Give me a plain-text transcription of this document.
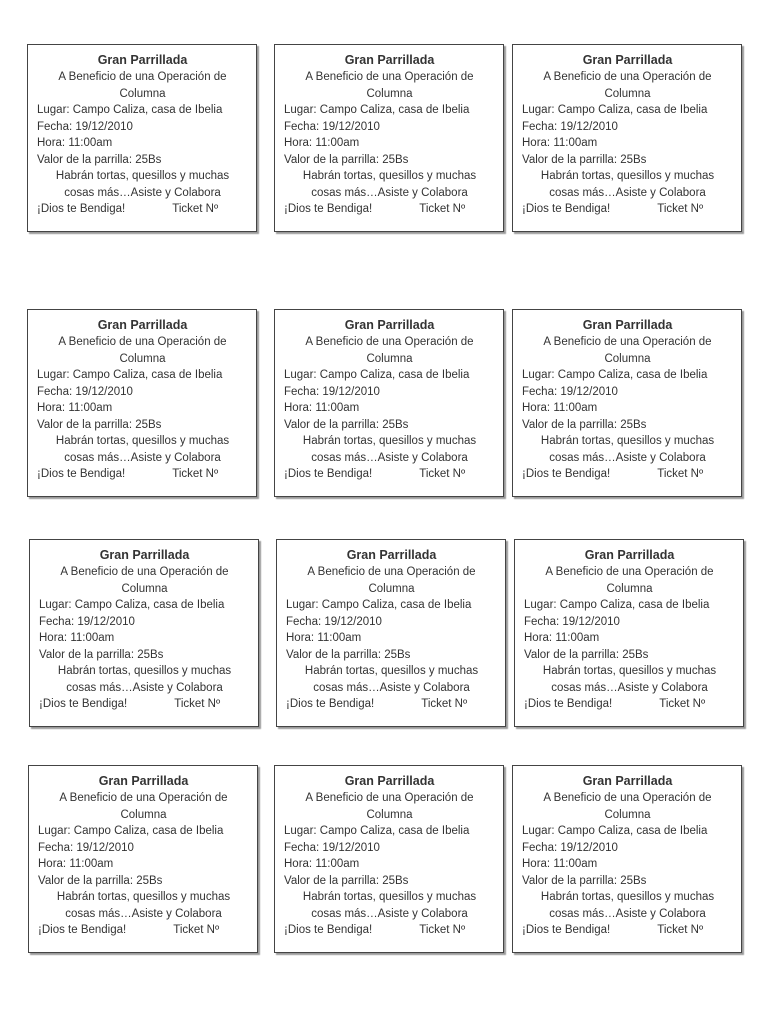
Gran Parrillada
A Beneficio de una Operación de Columna
Lugar: Campo Caliza, casa de Ibelia
Fecha: 19/12/2010
Hora: 11:00am
Valor de la parrilla: 25Bs
Habrán tortas, quesillos y muchas cosas más…Asiste y Colabora
¡Dios te Bendiga!	Ticket Nº
Gran Parrillada
A Beneficio de una Operación de Columna
Lugar: Campo Caliza, casa de Ibelia
Fecha: 19/12/2010
Hora: 11:00am
Valor de la parrilla: 25Bs
Habrán tortas, quesillos y muchas cosas más…Asiste y Colabora
¡Dios te Bendiga!	Ticket Nº
Gran Parrillada
A Beneficio de una Operación de Columna
Lugar: Campo Caliza, casa de Ibelia
Fecha: 19/12/2010
Hora: 11:00am
Valor de la parrilla: 25Bs
Habrán tortas, quesillos y muchas cosas más…Asiste y Colabora
¡Dios te Bendiga!	Ticket Nº
Gran Parrillada
A Beneficio de una Operación de Columna
Lugar: Campo Caliza, casa de Ibelia
Fecha: 19/12/2010
Hora: 11:00am
Valor de la parrilla: 25Bs
Habrán tortas, quesillos y muchas cosas más…Asiste y Colabora
¡Dios te Bendiga!	Ticket Nº
Gran Parrillada
A Beneficio de una Operación de Columna
Lugar: Campo Caliza, casa de Ibelia
Fecha: 19/12/2010
Hora: 11:00am
Valor de la parrilla: 25Bs
Habrán tortas, quesillos y muchas cosas más…Asiste y Colabora
¡Dios te Bendiga!	Ticket Nº
Gran Parrillada
A Beneficio de una Operación de Columna
Lugar: Campo Caliza, casa de Ibelia
Fecha: 19/12/2010
Hora: 11:00am
Valor de la parrilla: 25Bs
Habrán tortas, quesillos y muchas cosas más…Asiste y Colabora
¡Dios te Bendiga!	Ticket Nº
Gran Parrillada
A Beneficio de una Operación de Columna
Lugar: Campo Caliza, casa de Ibelia
Fecha: 19/12/2010
Hora: 11:00am
Valor de la parrilla: 25Bs
Habrán tortas, quesillos y muchas cosas más…Asiste y Colabora
¡Dios te Bendiga!	Ticket Nº
Gran Parrillada
A Beneficio de una Operación de Columna
Lugar: Campo Caliza, casa de Ibelia
Fecha: 19/12/2010
Hora: 11:00am
Valor de la parrilla: 25Bs
Habrán tortas, quesillos y muchas cosas más…Asiste y Colabora
¡Dios te Bendiga!	Ticket Nº
Gran Parrillada
A Beneficio de una Operación de Columna
Lugar: Campo Caliza, casa de Ibelia
Fecha: 19/12/2010
Hora: 11:00am
Valor de la parrilla: 25Bs
Habrán tortas, quesillos y muchas cosas más…Asiste y Colabora
¡Dios te Bendiga!	Ticket Nº
Gran Parrillada
A Beneficio de una Operación de Columna
Lugar: Campo Caliza, casa de Ibelia
Fecha: 19/12/2010
Hora: 11:00am
Valor de la parrilla: 25Bs
Habrán tortas, quesillos y muchas cosas más…Asiste y Colabora
¡Dios te Bendiga!	Ticket Nº
Gran Parrillada
A Beneficio de una Operación de Columna
Lugar: Campo Caliza, casa de Ibelia
Fecha: 19/12/2010
Hora: 11:00am
Valor de la parrilla: 25Bs
Habrán tortas, quesillos y muchas cosas más…Asiste y Colabora
¡Dios te Bendiga!	Ticket Nº
Gran Parrillada
A Beneficio de una Operación de Columna
Lugar: Campo Caliza, casa de Ibelia
Fecha: 19/12/2010
Hora: 11:00am
Valor de la parrilla: 25Bs
Habrán tortas, quesillos y muchas cosas más…Asiste y Colabora
¡Dios te Bendiga!	Ticket Nº
